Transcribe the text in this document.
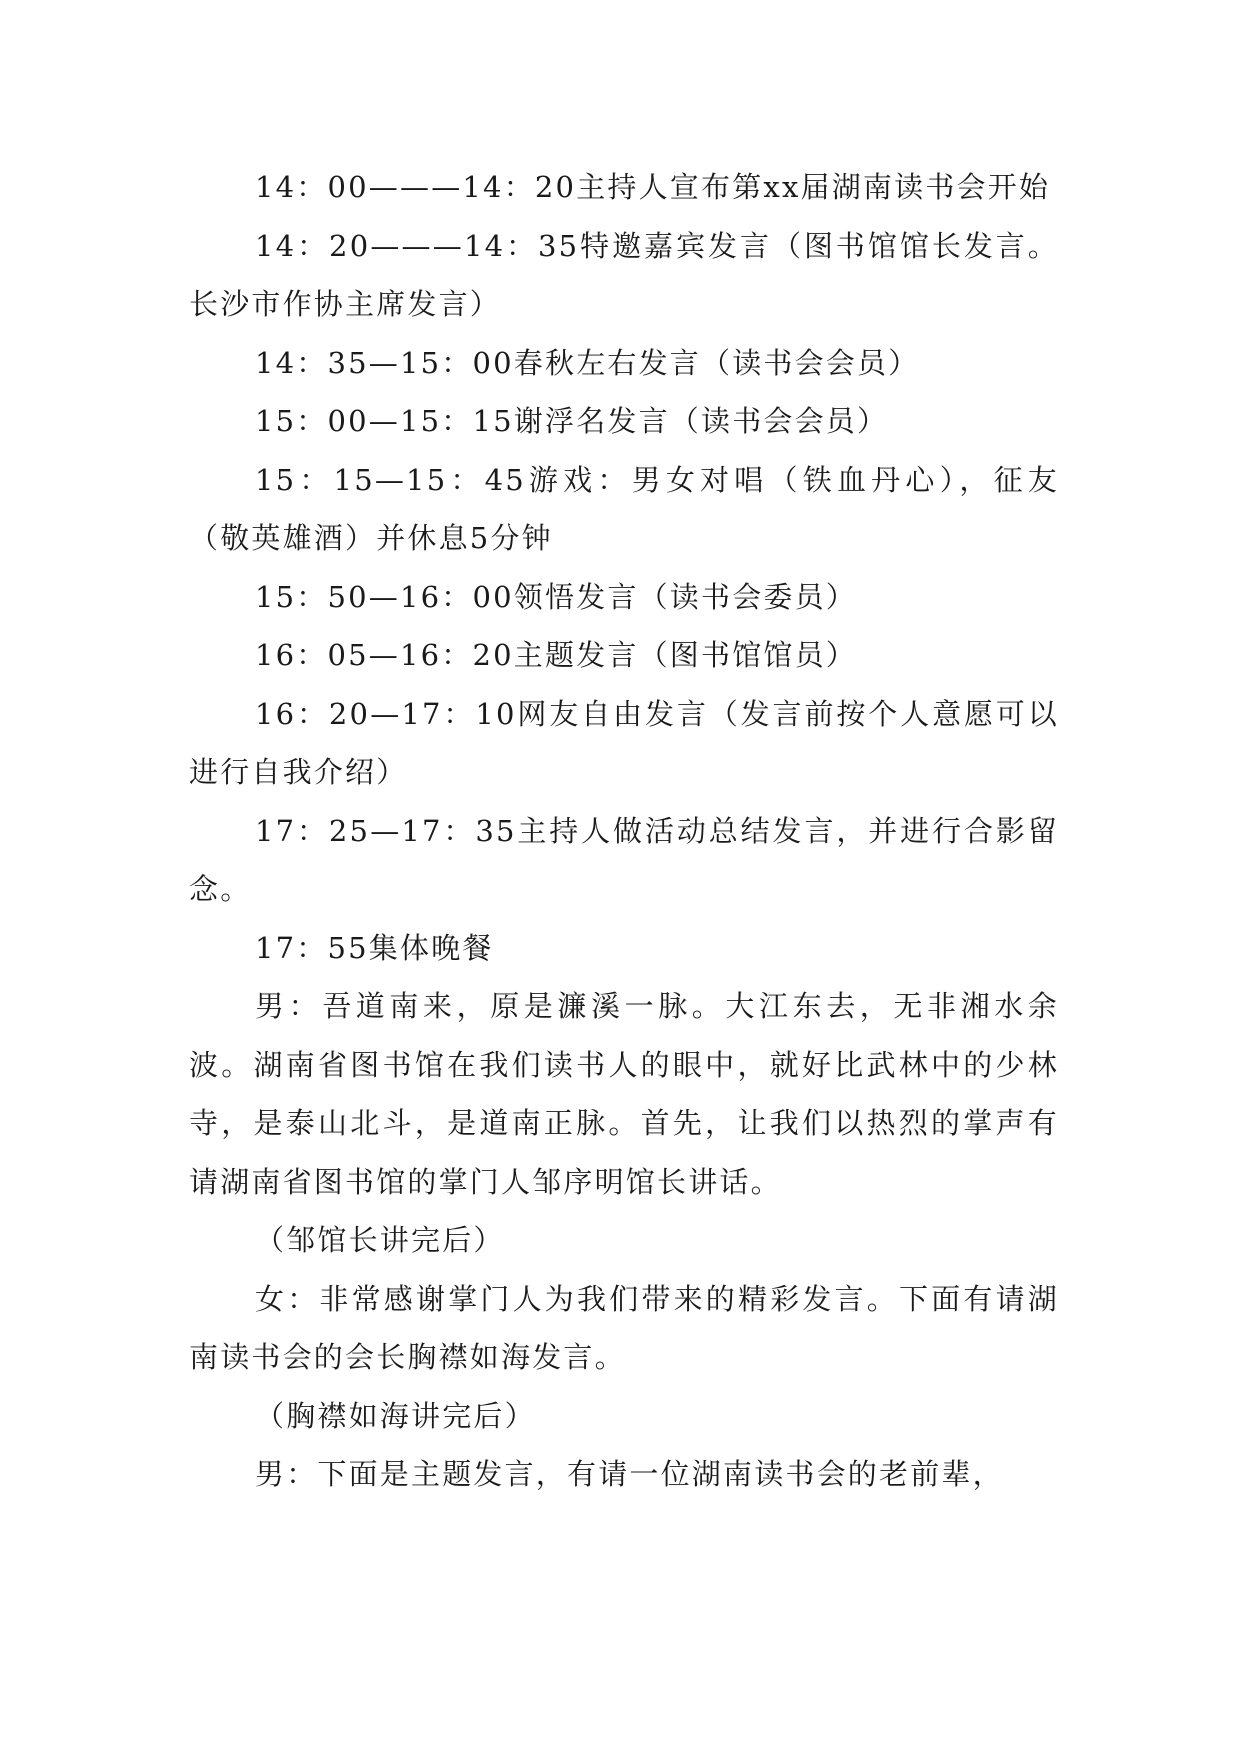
14：00———14：20主持人宣布第xx届湖南读书会开始

14：20———14：35特邀嘉宾发言（图书馆馆长发言。长沙市作协主席发言）

14：35—15：00春秋左右发言（读书会会员）

15：00—15：15谢浮名发言（读书会会员）

15：15—15：45游戏：男女对唱（铁血丹心），征友（敬英雄酒）并休息5分钟

15：50—16：00领悟发言（读书会委员）

16：05—16：20主题发言（图书馆馆员）

16：20—17：10网友自由发言（发言前按个人意愿可以进行自我介绍）

17：25—17：35主持人做活动总结发言，并进行合影留念。

17：55集体晚餐

男：吾道南来，原是濂溪一脉。大江东去，无非湘水余波。湖南省图书馆在我们读书人的眼中，就好比武林中的少林寺，是泰山北斗，是道南正脉。首先，让我们以热烈的掌声有请湖南省图书馆的掌门人邹序明馆长讲话。

（邹馆长讲完后）

女：非常感谢掌门人为我们带来的精彩发言。下面有请湖南读书会的会长胸襟如海发言。

（胸襟如海讲完后）

男：下面是主题发言，有请一位湖南读书会的老前辈，
